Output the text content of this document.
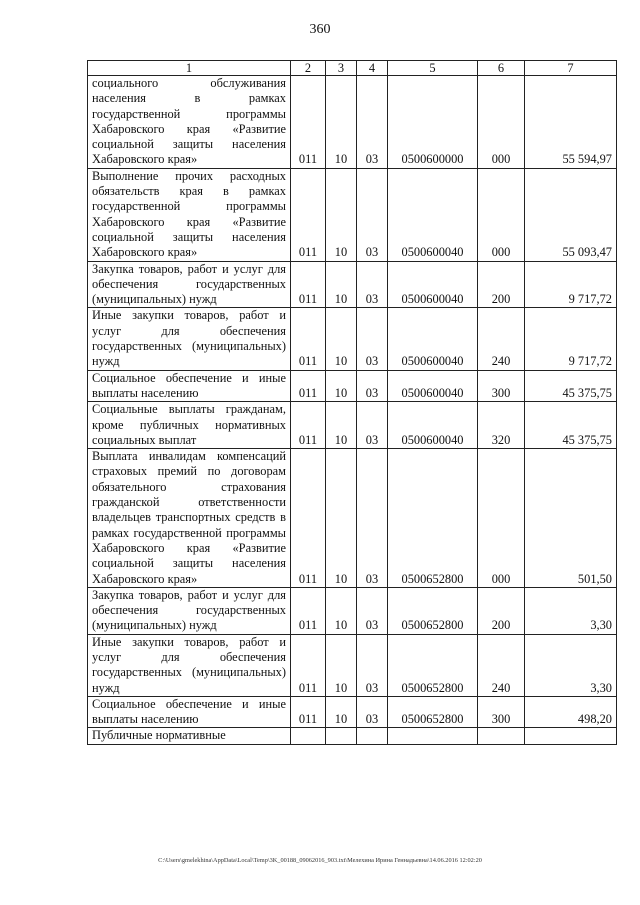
360
1	2	3	4	5	6	7
социального обслуживания населения в рамках государственной программы Хабаровского края «Развитие социальной защиты населения Хабаровского края»	011	10	03	0500600000	000	55 594,97
Выполнение прочих расходных обязательств края в рамках государственной программы Хабаровского края «Развитие социальной защиты населения Хабаровского края»	011	10	03	0500600040	000	55 093,47
Закупка товаров, работ и услуг для обеспечения государственных (муниципальных) нужд	011	10	03	0500600040	200	9 717,72
Иные закупки товаров, работ и услуг для обеспечения государственных (муниципальных) нужд	011	10	03	0500600040	240	9 717,72
Социальное обеспечение и иные выплаты населению	011	10	03	0500600040	300	45 375,75
Социальные выплаты гражданам, кроме публичных нормативных социальных выплат	011	10	03	0500600040	320	45 375,75
Выплата инвалидам компенсаций страховых премий по договорам обязательного страхования гражданской ответственности владельцев транспортных средств в рамках государственной программы Хабаровского края «Развитие социальной защиты населения Хабаровского края»	011	10	03	0500652800	000	501,50
Закупка товаров, работ и услуг для обеспечения государственных (муниципальных) нужд	011	10	03	0500652800	200	3,30
Иные закупки товаров, работ и услуг для обеспечения государственных (муниципальных) нужд	011	10	03	0500652800	240	3,30
Социальное обеспечение и иные выплаты населению	011	10	03	0500652800	300	498,20
Публичные нормативные						
C:\Users\gmelekhina\AppData\Local\Temp\3K_00188_09062016_903.txt\Мелехина Ирина Геннадьевна\14.06.2016 12:02:20
